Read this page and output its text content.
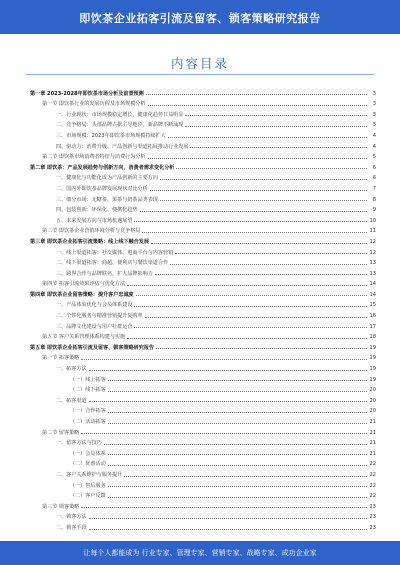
即饮茶企业拓客引流及留客、锁客策略研究报告
内容目录
第一章 2023-2028年即饮茶市场分析及前景预测	3
第一节 即饮茶行业的发展历程及市场规模分析	3
一、行业现状：市场规模稳定增长，健康化趋势日益明显	3
二、竞争格局：头部品牌占据主导地位，新品牌不断涌现	3
三、市场规模：2023年即饮茶市场规模持续扩大	4
四、驱动力：消费升级、产品创新与渠道拓展推动行业发展	4
第二节 即饮茶市场消费者特征与消费行为分析	5
第二章 即饮茶：产品发展趋势与创新方向，消费者需求变化分析	6
一、健康化与功能化成为产品创新的主要方向	6
二、国内外即饮茶品牌发展现状对比分析	7
三、细分市场：无糖茶、果茶与奶茶品类表现	8
四、包装创新：环保化、便携化趋势	9
五、未来发展方向与市场机遇展望	10
第三节 即饮茶企业营销环境分析与竞争格局	11
第三章 即饮茶企业拓客引流策略：线上线下融合发展	12
一、线上渠道拓客：社交媒体、电商平台与内容营销	12
二、线下渠道拓客：商超、便利店与餐饮渠道合作	13
三、跨界合作与品牌联名，扩大品牌影响力	13
第四节 拓客引流效果评估与优化方法	14
第四章 即饮茶企业留客策略：提升客户忠诚度	14
一、产品体验优化与会员体系建设	15
二、个性化服务与精准营销提升复购率	16
三、品牌文化建设与用户社群运营	17
第五节 客户关系管理体系构建与实施	18
第五章 即饮茶企业拓客引流及留客、锁客策略研究报告	19
第一节 拓客策略	19
一、拓客方法	19
（一）线上拓客	19
（二）线下拓客	20
二、拓客渠道	20
（一）合作拓客	20
（二）活动拓客	21
第二节 留客策略	21
一、留客方法与技巧	21
（一）会员体系	21
（二）优惠活动	22
二、客户关系维护与服务提升	22
（一）售后服务	22
（二）客户反馈	22
第三节 锁客策略	23
一、锁客方法	23
二、锁客手段	23
让每个人都能成为 行业专家、管理专家、营销专家、战略专家、成功企业家
